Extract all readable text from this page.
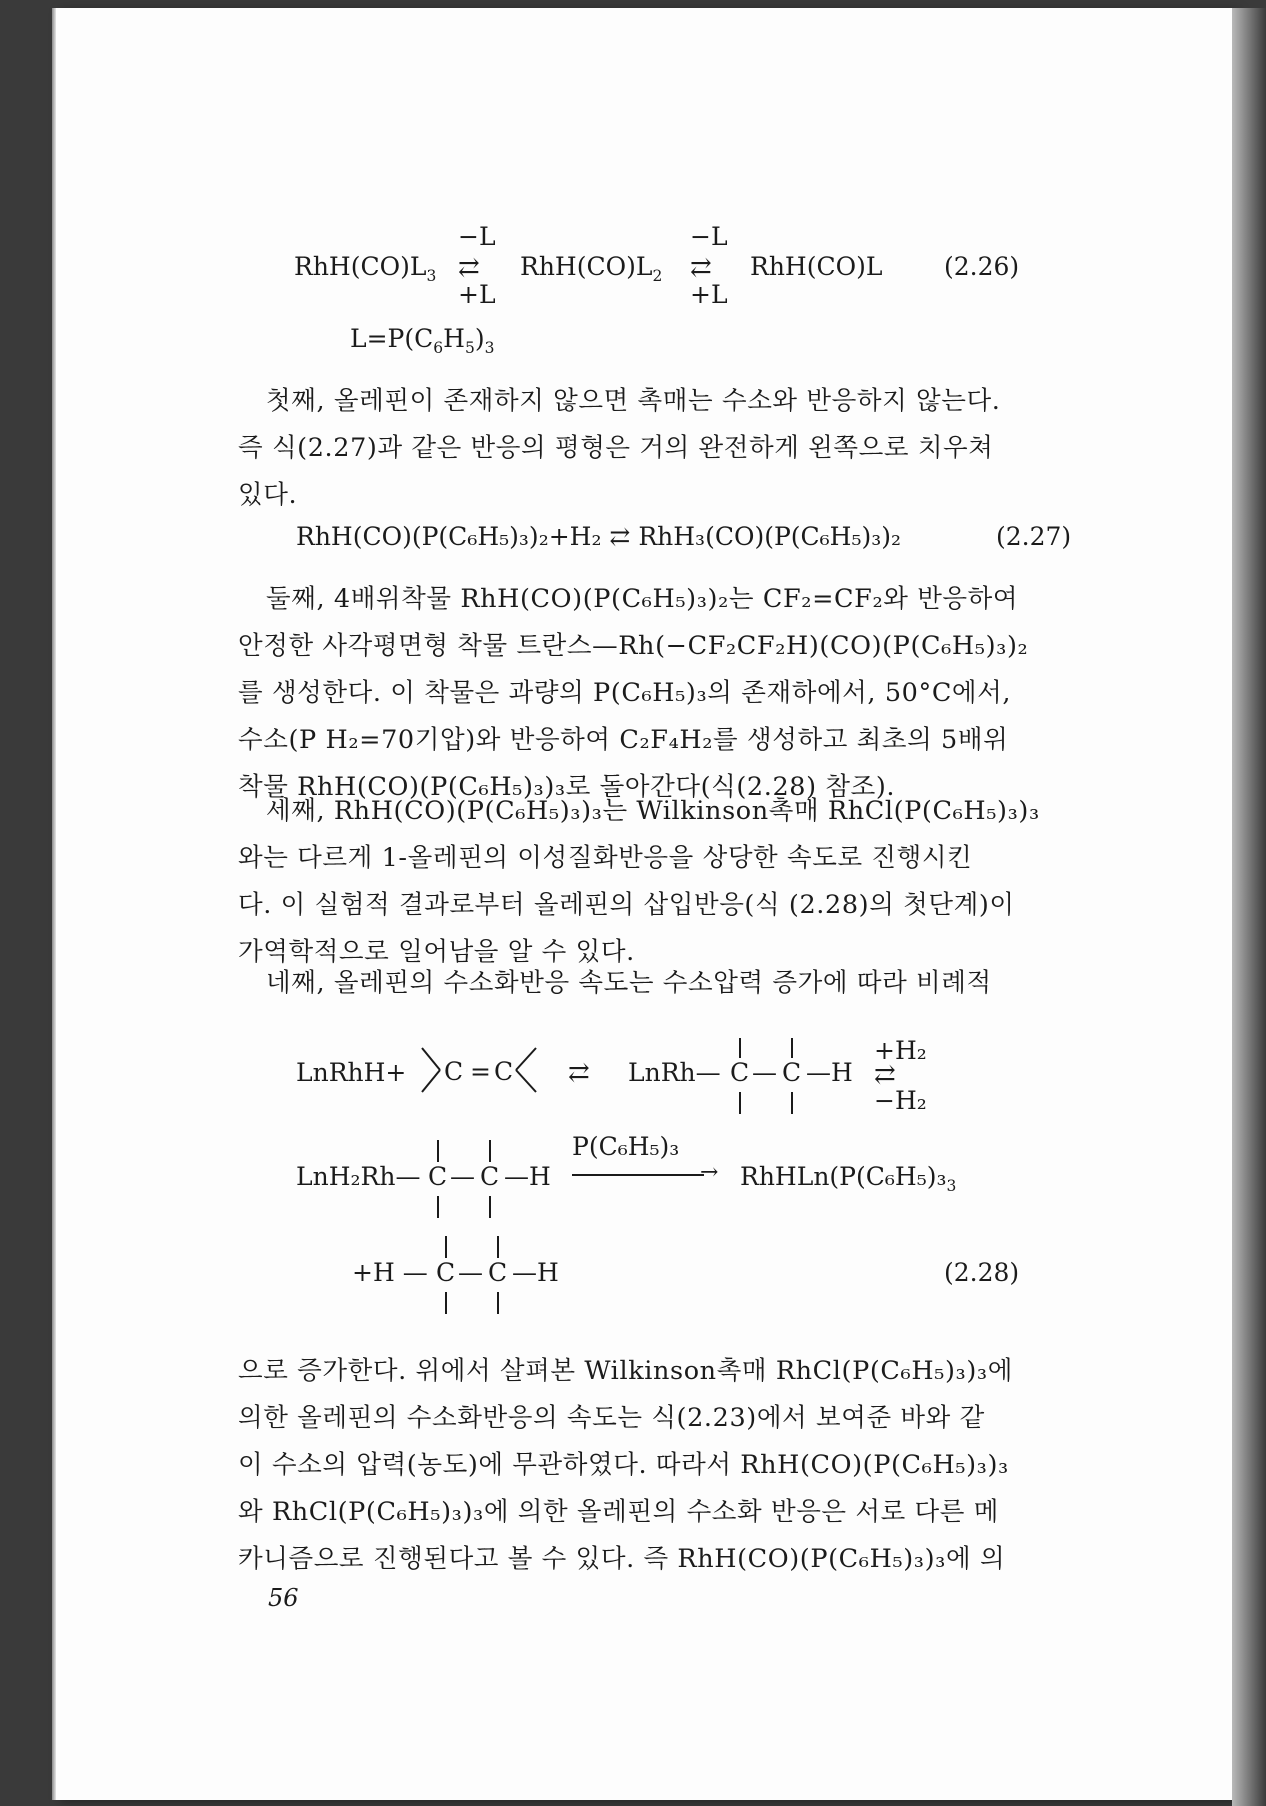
$RhH(CO)L_3$
−L
⇄
+L
$RhH(CO)L_2$
−L
⇄
+L
RhH(CO)L (2.26)
$L=P(C_6H_5)_3$
첫째, 올레핀이 존재하지 않으면 촉매는 수소와 반응하지 않는다.
즉 식(2.27)과 같은 반응의 평형은 거의 완전하게 왼쪽으로 치우쳐
있다.
RhH(CO)(P(C₆H₅)₃)₂+H₂ ⇄ RhH₃(CO)(P(C₆H₅)₃)₂	(2.27)
둘째, 4배위착물 RhH(CO)(P(C₆H₅)₃)₂는 CF₂=CF₂와 반응하여
안정한 사각평면형 착물 트란스—Rh(−CF₂CF₂H)(CO)(P(C₆H₅)₃)₂
를 생성한다. 이 착물은 과량의 P(C₆H₅)₃의 존재하에서, 50°C에서,
수소(P H₂=70기압)와 반응하여 C₂F₄H₂를 생성하고 최초의 5배위
착물 RhH(CO)(P(C₆H₅)₃)₃로 돌아간다(식(2.28) 참조).
세째, RhH(CO)(P(C₆H₅)₃)₃는 Wilkinson촉매 RhCl(P(C₆H₅)₃)₃
와는 다르게 1-올레핀의 이성질화반응을 상당한 속도로 진행시킨
다. 이 실험적 결과로부터 올레핀의 삽입반응(식 (2.28)의 첫단계)이
가역학적으로 일어남을 알 수 있다.
네째, 올레핀의 수소화반응 속도는 수소압력 증가에 따라 비례적
LnRhH+ C = C ⇄ LnRh— C — C —H
+H₂
⇄
−H₂
LnH₂Rh— C — C —H
P(C₆H₅)₃
→ $RhHLn(P(C_6H_5)_3_3$
+H — C — C —H	(2.28)
으로 증가한다. 위에서 살펴본 Wilkinson촉매 RhCl(P(C₆H₅)₃)₃에
의한 올레핀의 수소화반응의 속도는 식(2.23)에서 보여준 바와 같
이 수소의 압력(농도)에 무관하였다. 따라서 RhH(CO)(P(C₆H₅)₃)₃
와 RhCl(P(C₆H₅)₃)₃에 의한 올레핀의 수소화 반응은 서로 다른 메
카니즘으로 진행된다고 볼 수 있다. 즉 RhH(CO)(P(C₆H₅)₃)₃에 의
56
